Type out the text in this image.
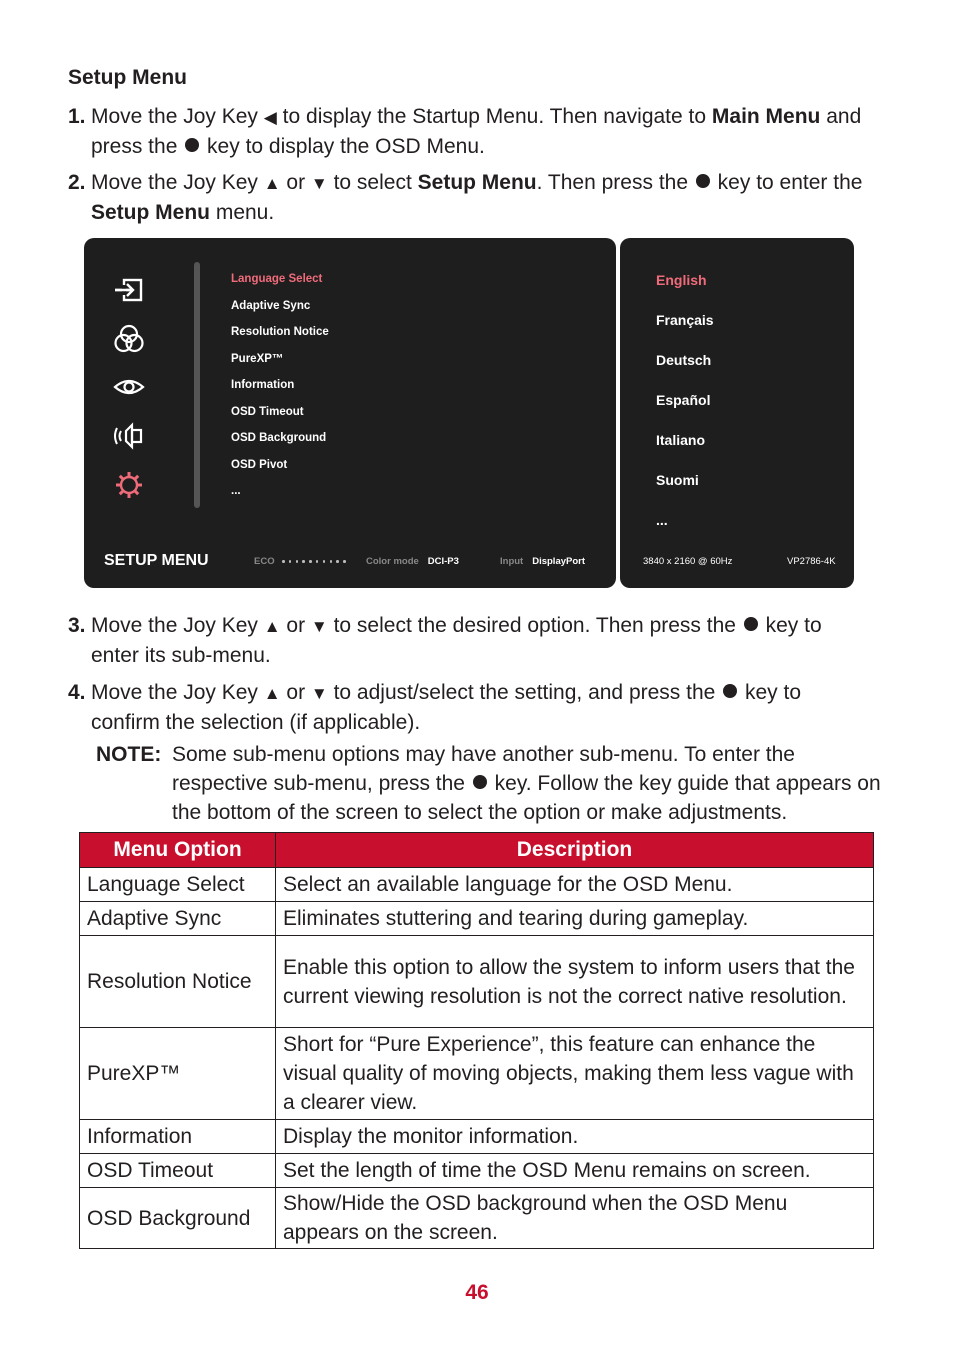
Setup Menu
1. Move the Joy Key ◀ to display the Startup Menu. Then navigate to Main Menu and press the  key to display the OSD Menu.
2. Move the Joy Key ▲ or ▼ to select Setup Menu. Then press the  key to enter the Setup Menu menu.
Language Select
Adaptive Sync
Resolution Notice
PureXP™
Information
OSD Timeout
OSD Background
OSD Pivot
...
SETUP MENU	ECO	Color mode DCI-P3	Input DisplayPort
English
Français
Deutsch
Español
Italiano
Suomi
...
3840 x 2160 @ 60Hz	VP2786-4K
3. Move the Joy Key ▲ or ▼ to select the desired option. Then press the  key to enter its sub-menu.
4. Move the Joy Key ▲ or ▼ to adjust/select the setting, and press the  key to confirm the selection (if applicable).
NOTE: Some sub-menu options may have another sub-menu. To enter the respective sub-menu, press the  key. Follow the key guide that appears on the bottom of the screen to select the option or make adjustments.
Menu Option	Description
Language Select	Select an available language for the OSD Menu.
Adaptive Sync	Eliminates stuttering and tearing during gameplay.
Resolution Notice	Enable this option to allow the system to inform users that the current viewing resolution is not the correct native resolution.
PureXP™	Short for “Pure Experience”, this feature can enhance the visual quality of moving objects, making them less vague with a clearer view.
Information	Display the monitor information.
OSD Timeout	Set the length of time the OSD Menu remains on screen.
OSD Background	Show/Hide the OSD background when the OSD Menu appears on the screen.
46
